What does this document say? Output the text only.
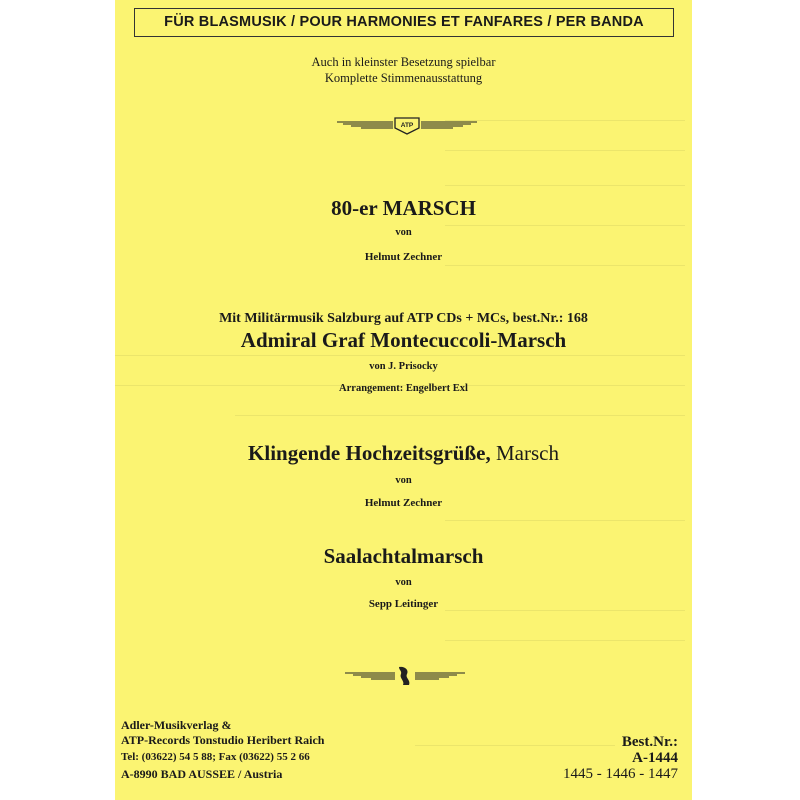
FÜR BLASMUSIK / POUR HARMONIES ET FANFARES / PER BANDA
Auch in kleinster Besetzung spielbar
Komplette Stimmenausstattung
ATP
80-er MARSCH
von
Helmut Zechner
Mit Militärmusik Salzburg auf ATP CDs + MCs, best.Nr.: 168
Admiral Graf Montecuccoli-Marsch
von J. Prisocky
Arrangement: Engelbert Exl
Klingende Hochzeitsgrüße, Marsch
von
Helmut Zechner
Saalachtalmarsch
von
Sepp Leitinger
Adler-Musikverlag &
ATP-Records Tonstudio Heribert Raich
Tel: (03622) 54 5 88; Fax (03622) 55 2 66
A-8990 BAD AUSSEE / Austria
Best.Nr.:
A-1444
1445 - 1446 - 1447
